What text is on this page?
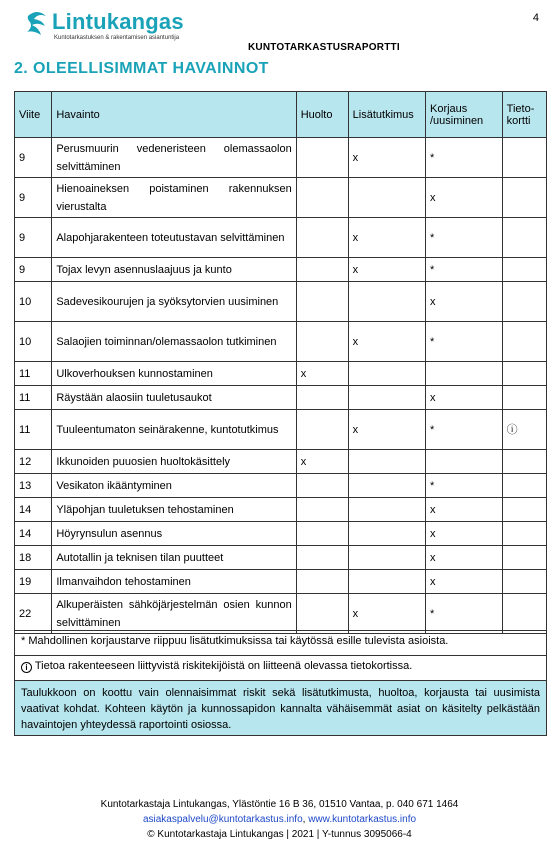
Lintukangas
Kuntotarkastuksen & rakentamisen asiantuntija
4
KUNTOTARKASTUSRAPORTTI
2. OLEELLISIMMAT HAVAINNOT
Viite	Havainto	Huolto	Lisätutkimus	Korjaus /uusiminen	Tieto-kortti
9	Perusmuurin vedeneristeen olemassaolon selvittäminen		x	*	
9	Hienoaineksen poistaminen rakennuksen vierustalta			x	
9	Alapohjarakenteen toteutustavan selvittäminen		x	*	
9	Tojax levyn asennuslaajuus ja kunto		x	*	
10	Sadevesikourujen ja syöksytorvien uusiminen			x	
10	Salaojien toiminnan/olemassaolon tutkiminen		x	*	
11	Ulkoverhouksen kunnostaminen	x			
11	Räystään alaosiin tuuletusaukot			x	
11	Tuuleentumaton seinärakenne, kuntotutkimus		x	*	ⓘ
12	Ikkunoiden puuosien huoltokäsittely	x			
13	Vesikaton ikääntyminen			*	
14	Yläpohjan tuuletuksen tehostaminen			x	
14	Höyrynsulun asennus			x	
18	Autotallin ja teknisen tilan puutteet			x	
19	Ilmanvaihdon tehostaminen			x	
22	Alkuperäisten sähköjärjestelmän osien kunnon selvittäminen		x	*	
* Mahdollinen korjaustarve riippuu lisätutkimuksissa tai käytössä esille tulevista asioista.
i Tietoa rakenteeseen liittyvistä riskitekijöistä on liitteenä olevassa tietokortissa.
Taulukkoon on koottu vain olennaisimmat riskit sekä lisätutkimusta, huoltoa, korjausta tai uusimista vaativat kohdat. Kohteen käytön ja kunnossapidon kannalta vähäisemmät asiat on käsitelty pelkästään havaintojen yhteydessä raportointi osiossa.
Kuntotarkastaja Lintukangas, Ylästöntie 16 B 36, 01510 Vantaa, p. 040 671 1464
asiakaspalvelu@kuntotarkastus.info, www.kuntotarkastus.info
© Kuntotarkastaja Lintukangas | 2021 | Y-tunnus 3095066-4
